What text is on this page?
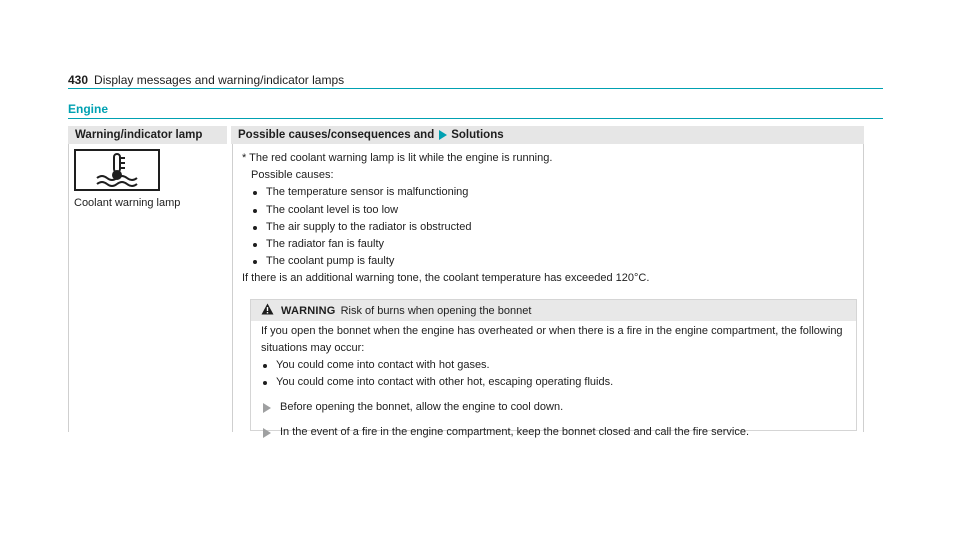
430 Display messages and warning/indicator lamps
Engine
Warning/indicator lamp	Possible causes/consequences and Solutions
Coolant warning lamp

* The red coolant warning lamp is lit while the engine is running.

Possible causes:

The temperature sensor is malfunctioning
The coolant level is too low
The air supply to the radiator is obstructed
The radiator fan is faulty
The coolant pump is faulty

If there is an additional warning tone, the coolant temperature has exceeded 120°C.

WARNING Risk of burns when opening the bonnet

If you open the bonnet when the engine has overheated or when there is a fire in the engine compartment, the following situations may occur:

You could come into contact with hot gases.
You could come into contact with other hot, escaping operating fluids.
Before opening the bonnet, allow the engine to cool down.
In the event of a fire in the engine compartment, keep the bonnet closed and call the fire service.
